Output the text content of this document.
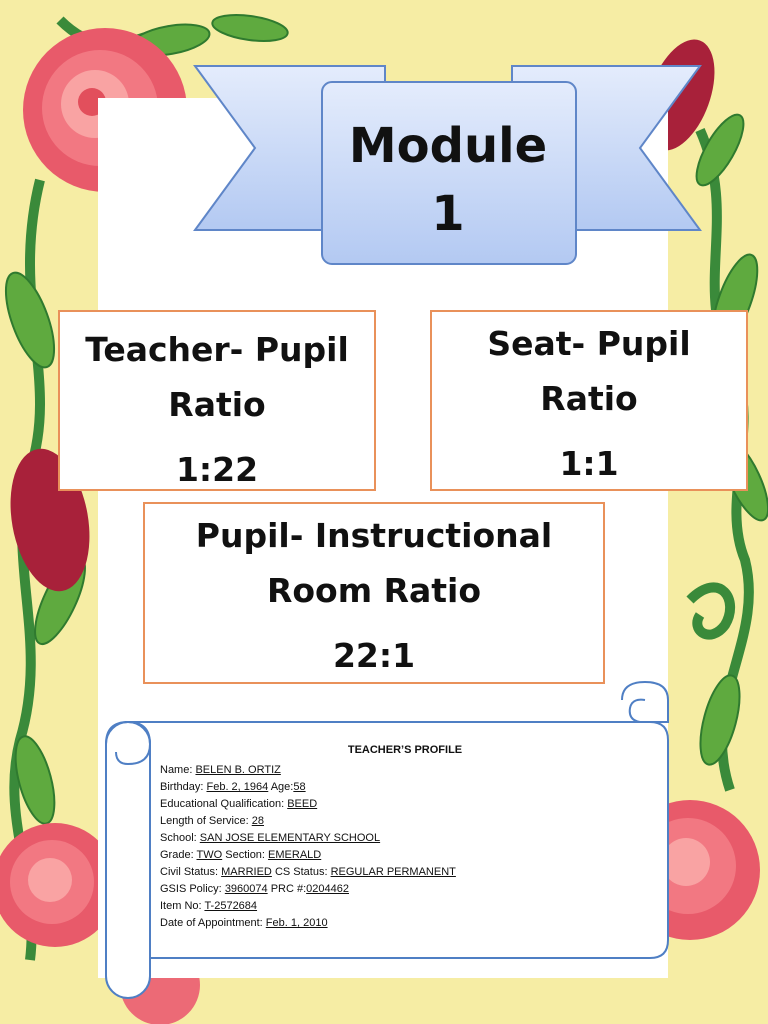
Module
1
Teacher- Pupil
Ratio
1:22
Seat- Pupil
Ratio
1:1
Pupil- Instructional
Room Ratio
22:1
TEACHER’S PROFILE
Name: BELEN B. ORTIZ
Birthday: Feb. 2, 1964 Age:58
Educational Qualification: BEED
Length of Service: 28
School: SAN JOSE ELEMENTARY SCHOOL
Grade: TWO Section: EMERALD
Civil Status: MARRIED CS Status: REGULAR PERMANENT
GSIS Policy: 3960074 PRC #:0204462
Item No: T-2572684
Date of Appointment: Feb. 1, 2010
